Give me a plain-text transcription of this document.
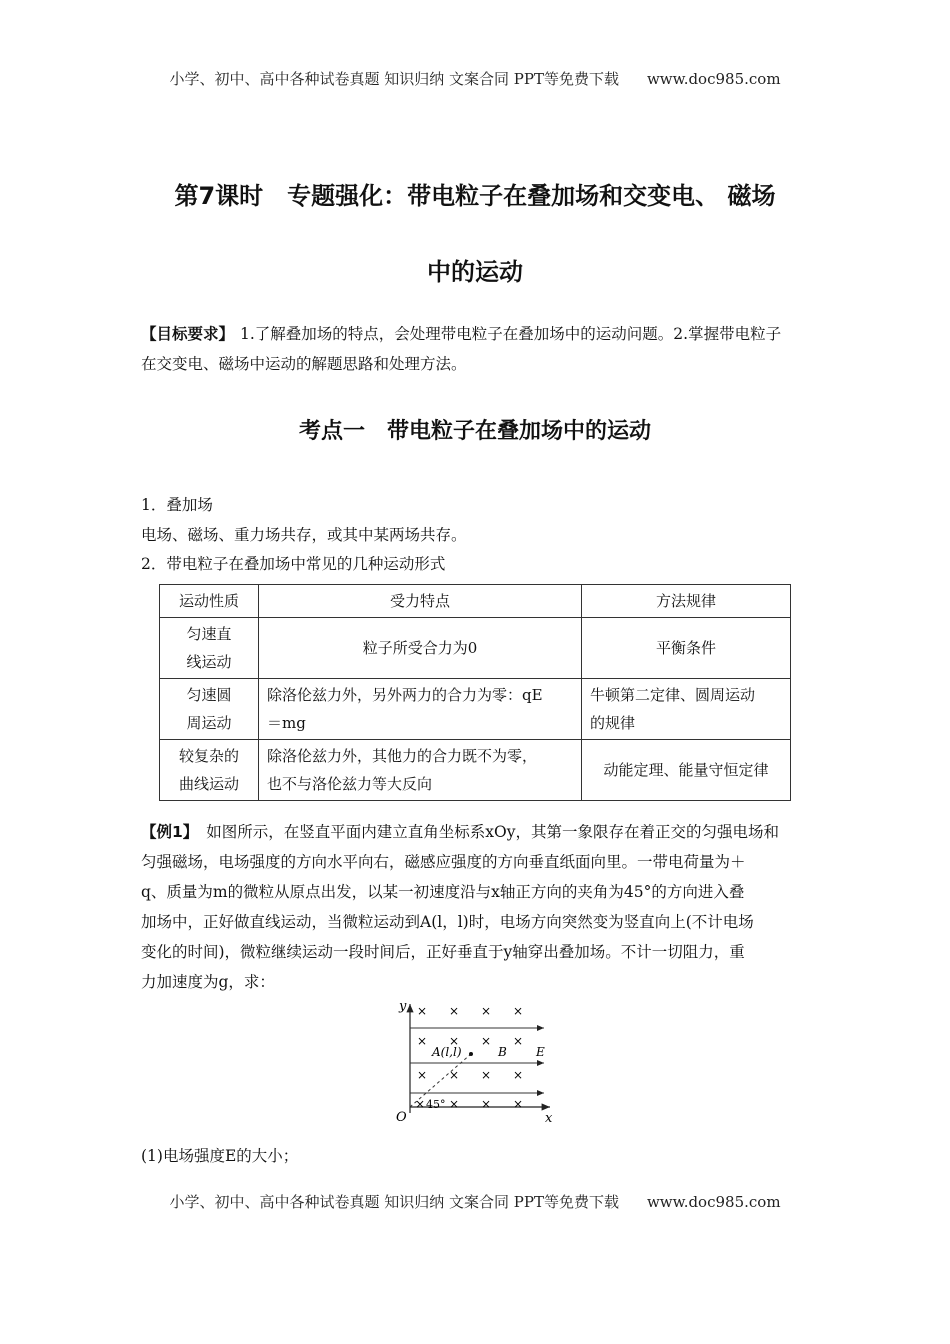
小学、初中、高中各种试卷真题 知识归纳 文案合同 PPT等免费下载 www.doc985.com
第7课时　专题强化：带电粒子在叠加场和交变电、 磁场
中的运动
【目标要求】 1.了解叠加场的特点，会处理带电粒子在叠加场中的运动问题。2.掌握带电粒子
在交变电、磁场中运动的解题思路和处理方法。
考点一　带电粒子在叠加场中的运动
1．叠加场
电场、磁场、重力场共存，或其中某两场共存。
2．带电粒子在叠加场中常见的几种运动形式
运动性质	受力特点	方法规律
匀速直
线运动	粒子所受合力为0	平衡条件
匀速圆
周运动	除洛伦兹力外，另外两力的合力为零：qE
＝mg	牛顿第二定律、圆周运动
的规律
较复杂的
曲线运动	除洛伦兹力外，其他力的合力既不为零，
也不与洛伦兹力等大反向	动能定理、能量守恒定律
【例1】 如图所示，在竖直平面内建立直角坐标系xOy，其第一象限存在着正交的匀强电场和
匀强磁场，电场强度的方向水平向右，磁感应强度的方向垂直纸面向里。一带电荷量为＋
q、质量为m的微粒从原点出发，以某一初速度沿与x轴正方向的夹角为45°的方向进入叠
加场中，正好做直线运动，当微粒运动到A(l，l)时，电场方向突然变为竖直向上(不计电场
变化的时间)，微粒继续运动一段时间后，正好垂直于y轴穿出叠加场。不计一切阻力，重
力加速度为g，求：
y
x
O
A(l,l)	B E
45°
× × × ×
× × × ×
× × × ×
× × × ×
(1)电场强度E的大小；
小学、初中、高中各种试卷真题 知识归纳 文案合同 PPT等免费下载 www.doc985.com
